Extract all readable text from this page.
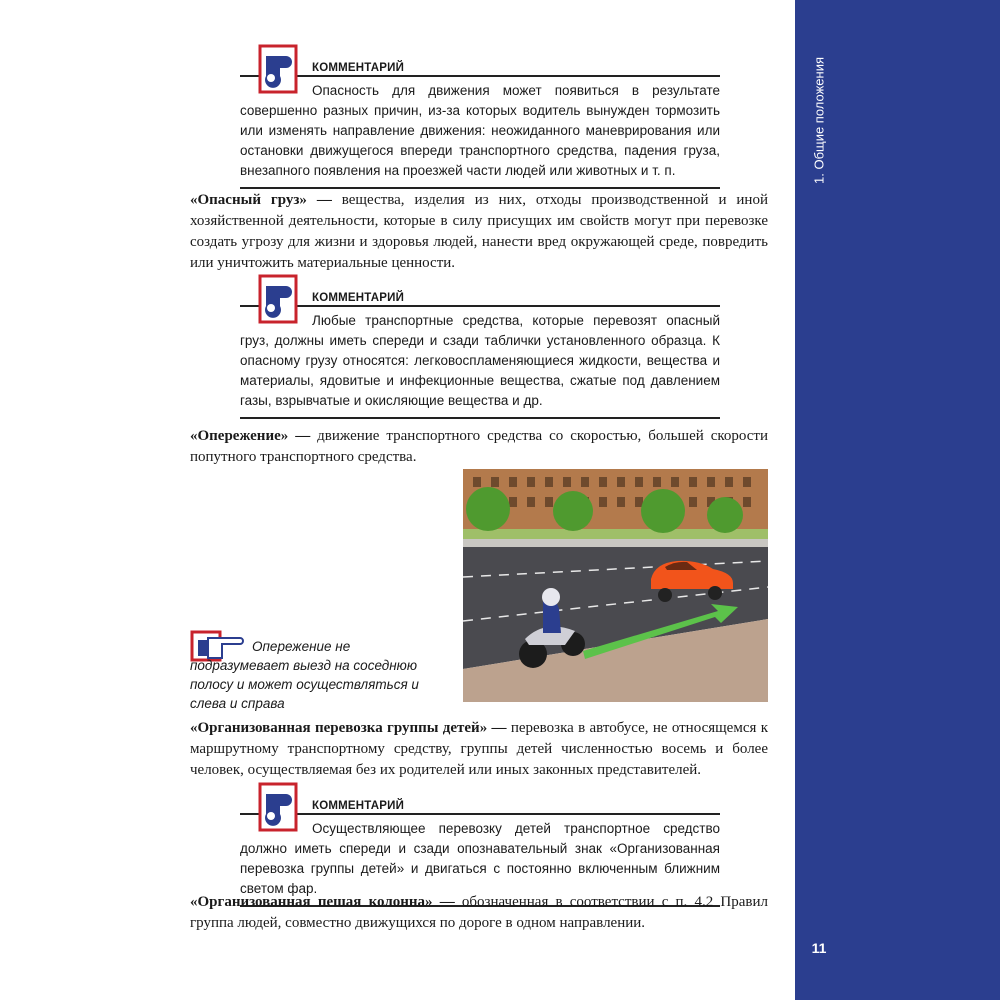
1. Общие положения
11
КОММЕНТАРИЙ
Опасность для движения может появиться в результате совершенно разных причин, из-за которых водитель вынужден тормозить или изменять направление движения: неожиданного маневрирования или остановки движущегося впереди транспортного средства, падения груза, внезапного появления на проезжей части людей или животных и т. п.
«Опасный груз» — вещества, изделия из них, отходы производственной и иной хозяйственной деятельности, которые в силу присущих им свойств могут при перевозке создать угрозу для жизни и здоровья людей, нанести вред окружающей среде, повредить или уничтожить материальные ценности.
КОММЕНТАРИЙ
Любые транспортные средства, которые перевозят опасный груз, должны иметь спереди и сзади таблички установленного образца. К опасному грузу относятся: легковоспламеняющиеся жидкости, вещества и материалы, ядовитые и инфекционные вещества, сжатые под давлением газы, взрывчатые и окисляющие вещества и др.
«Опережение» — движение транспортного средства со скоростью, большей скорости попутного транспортного средства.
Опережение не подразумевает выезд на соседнюю полосу и может осуществляться и слева и справа
«Организованная перевозка группы детей» — перевозка в автобусе, не относящемся к маршрутному транспортному средству, группы детей численностью восемь и более человек, осуществляемая без их родителей или иных законных представителей.
КОММЕНТАРИЙ
Осуществляющее перевозку детей транспортное средство должно иметь спереди и сзади опознавательный знак «Организованная перевозка группы детей» и двигаться с постоянно включенным ближним светом фар.
«Организованная пешая колонна» — обозначенная в соответствии с п. 4.2 Правил группа людей, совместно движущихся по дороге в одном направлении.
